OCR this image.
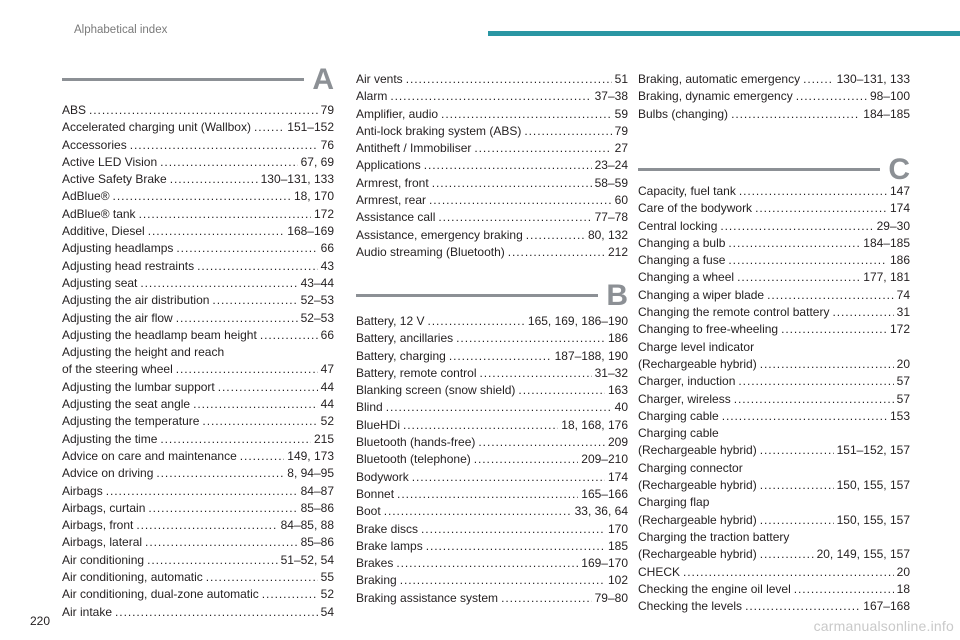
Alphabetical index
A
ABS . . .	79
Accelerated charging unit (Wallbox) . . .	151–152
Accessories . . .	76
Active LED Vision . . .	67, 69
Active Safety Brake . . .	130–131, 133
AdBlue® . . .	18, 170
AdBlue® tank . . .	172
Additive, Diesel . . .	168–169
Adjusting headlamps . . .	66
Adjusting head restraints . . .	43
Adjusting seat . . .	43–44
Adjusting the air distribution . . .	52–53
Adjusting the air flow . . .	52–53
Adjusting the headlamp beam height . . .	66
Adjusting the height and reach
of the steering wheel . . .	47
Adjusting the lumbar support . . .	44
Adjusting the seat angle . . .	44
Adjusting the temperature . . .	52
Adjusting the time . . .	215
Advice on care and maintenance . . .	149, 173
Advice on driving . . .	8, 94–95
Airbags . . .	84–87
Airbags, curtain . . .	85–86
Airbags, front . . .	84–85, 88
Airbags, lateral . . .	85–86
Air conditioning . . .	51–52, 54
Air conditioning, automatic . . .	55
Air conditioning, dual-zone automatic . . .	52
Air intake . . .	54
Air vents . . .	51
Alarm . . .	37–38
Amplifier, audio . . .	59
Anti-lock braking system (ABS) . . .	79
Antitheft / Immobiliser . . .	27
Applications . . .	23–24
Armrest, front . . .	58–59
Armrest, rear . . .	60
Assistance call . . .	77–78
Assistance, emergency braking . . .	80, 132
Audio streaming (Bluetooth) . . .	212
B
Battery, 12 V . . .	165, 169, 186–190
Battery, ancillaries . . .	186
Battery, charging . . .	187–188, 190
Battery, remote control . . .	31–32
Blanking screen (snow shield) . . .	163
Blind . . .	40
BlueHDi . . .	18, 168, 176
Bluetooth (hands-free) . . .	209
Bluetooth (telephone) . . .	209–210
Bodywork . . .	174
Bonnet . . .	165–166
Boot . . .	33, 36, 64
Brake discs . . .	170
Brake lamps . . .	185
Brakes . . .	169–170
Braking . . .	102
Braking assistance system . . .	79–80
Braking, automatic emergency . . .	130–131, 133
Braking, dynamic emergency . . .	98–100
Bulbs (changing) . . .	184–185
C
Capacity, fuel tank . . .	147
Care of the bodywork . . .	174
Central locking . . .	29–30
Changing a bulb . . .	184–185
Changing a fuse . . .	186
Changing a wheel . . .	177, 181
Changing a wiper blade . . .	74
Changing the remote control battery . . .	31
Changing to free-wheeling . . .	172
Charge level indicator
(Rechargeable hybrid) . . .	20
Charger, induction . . .	57
Charger, wireless . . .	57
Charging cable . . .	153
Charging cable
(Rechargeable hybrid) . . .	151–152, 157
Charging connector
(Rechargeable hybrid) . . .	150, 155, 157
Charging flap
(Rechargeable hybrid) . . .	150, 155, 157
Charging the traction battery
(Rechargeable hybrid) . . .	20, 149, 155, 157
CHECK . . .	20
Checking the engine oil level . . .	18
Checking the levels . . .	167–168
220	carmanualsonline.info
